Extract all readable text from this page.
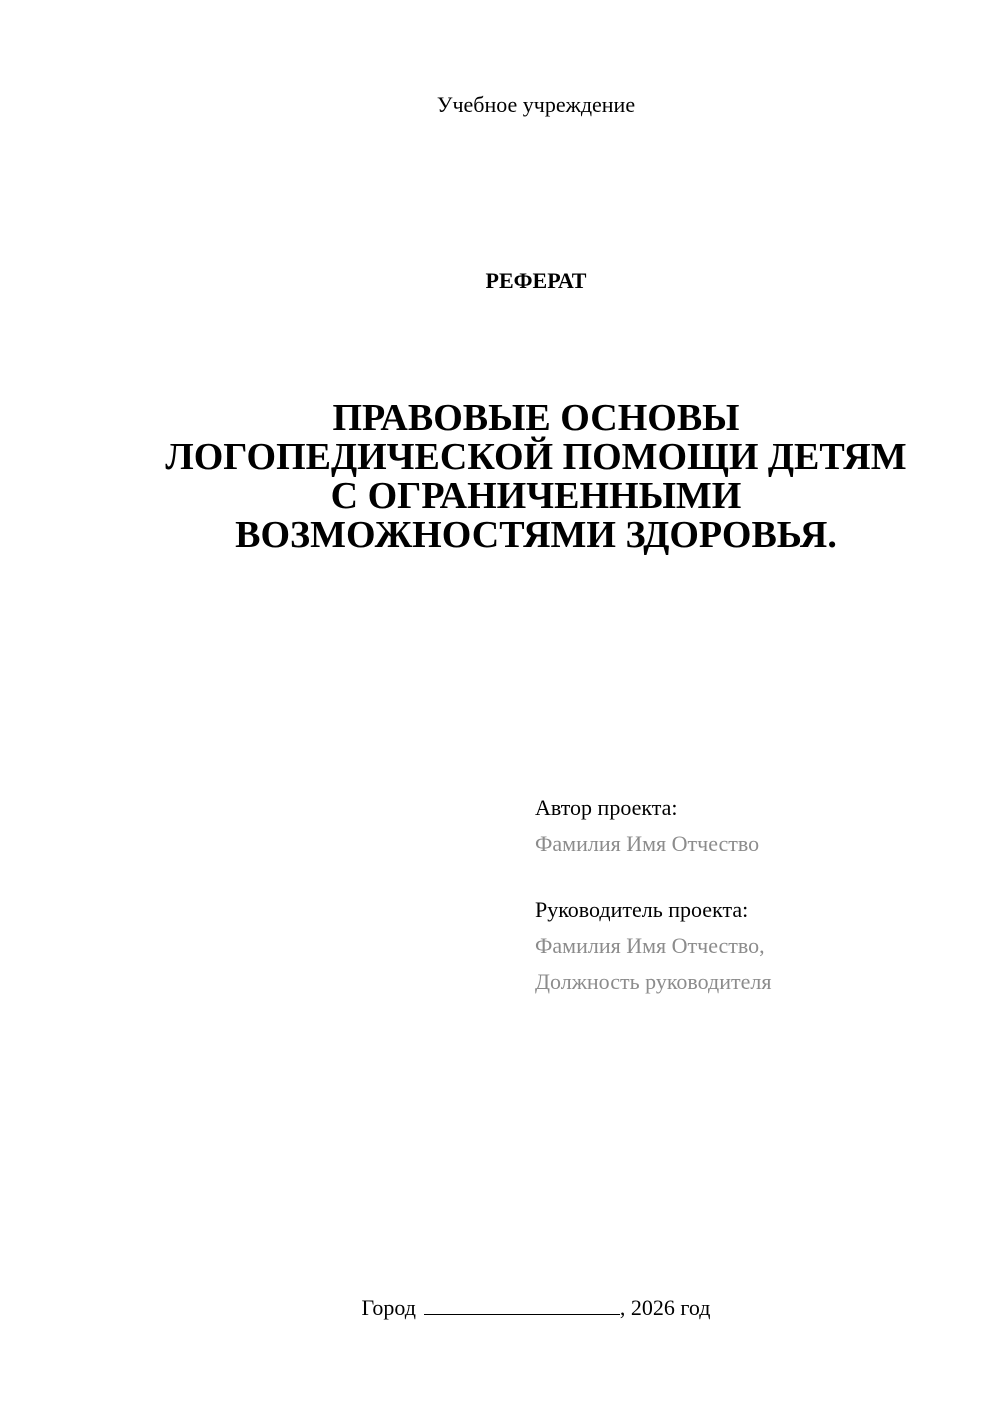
Учебное учреждение
РЕФЕРАТ
ПРАВОВЫЕ ОСНОВЫ
ЛОГОПЕДИЧЕСКОЙ ПОМОЩИ ДЕТЯМ
С ОГРАНИЧЕННЫМИ
ВОЗМОЖНОСТЯМИ ЗДОРОВЬЯ.
Автор проекта:
Фамилия Имя Отчество
Руководитель проекта:
Фамилия Имя Отчество,
Должность руководителя
Город	, 2026 год
